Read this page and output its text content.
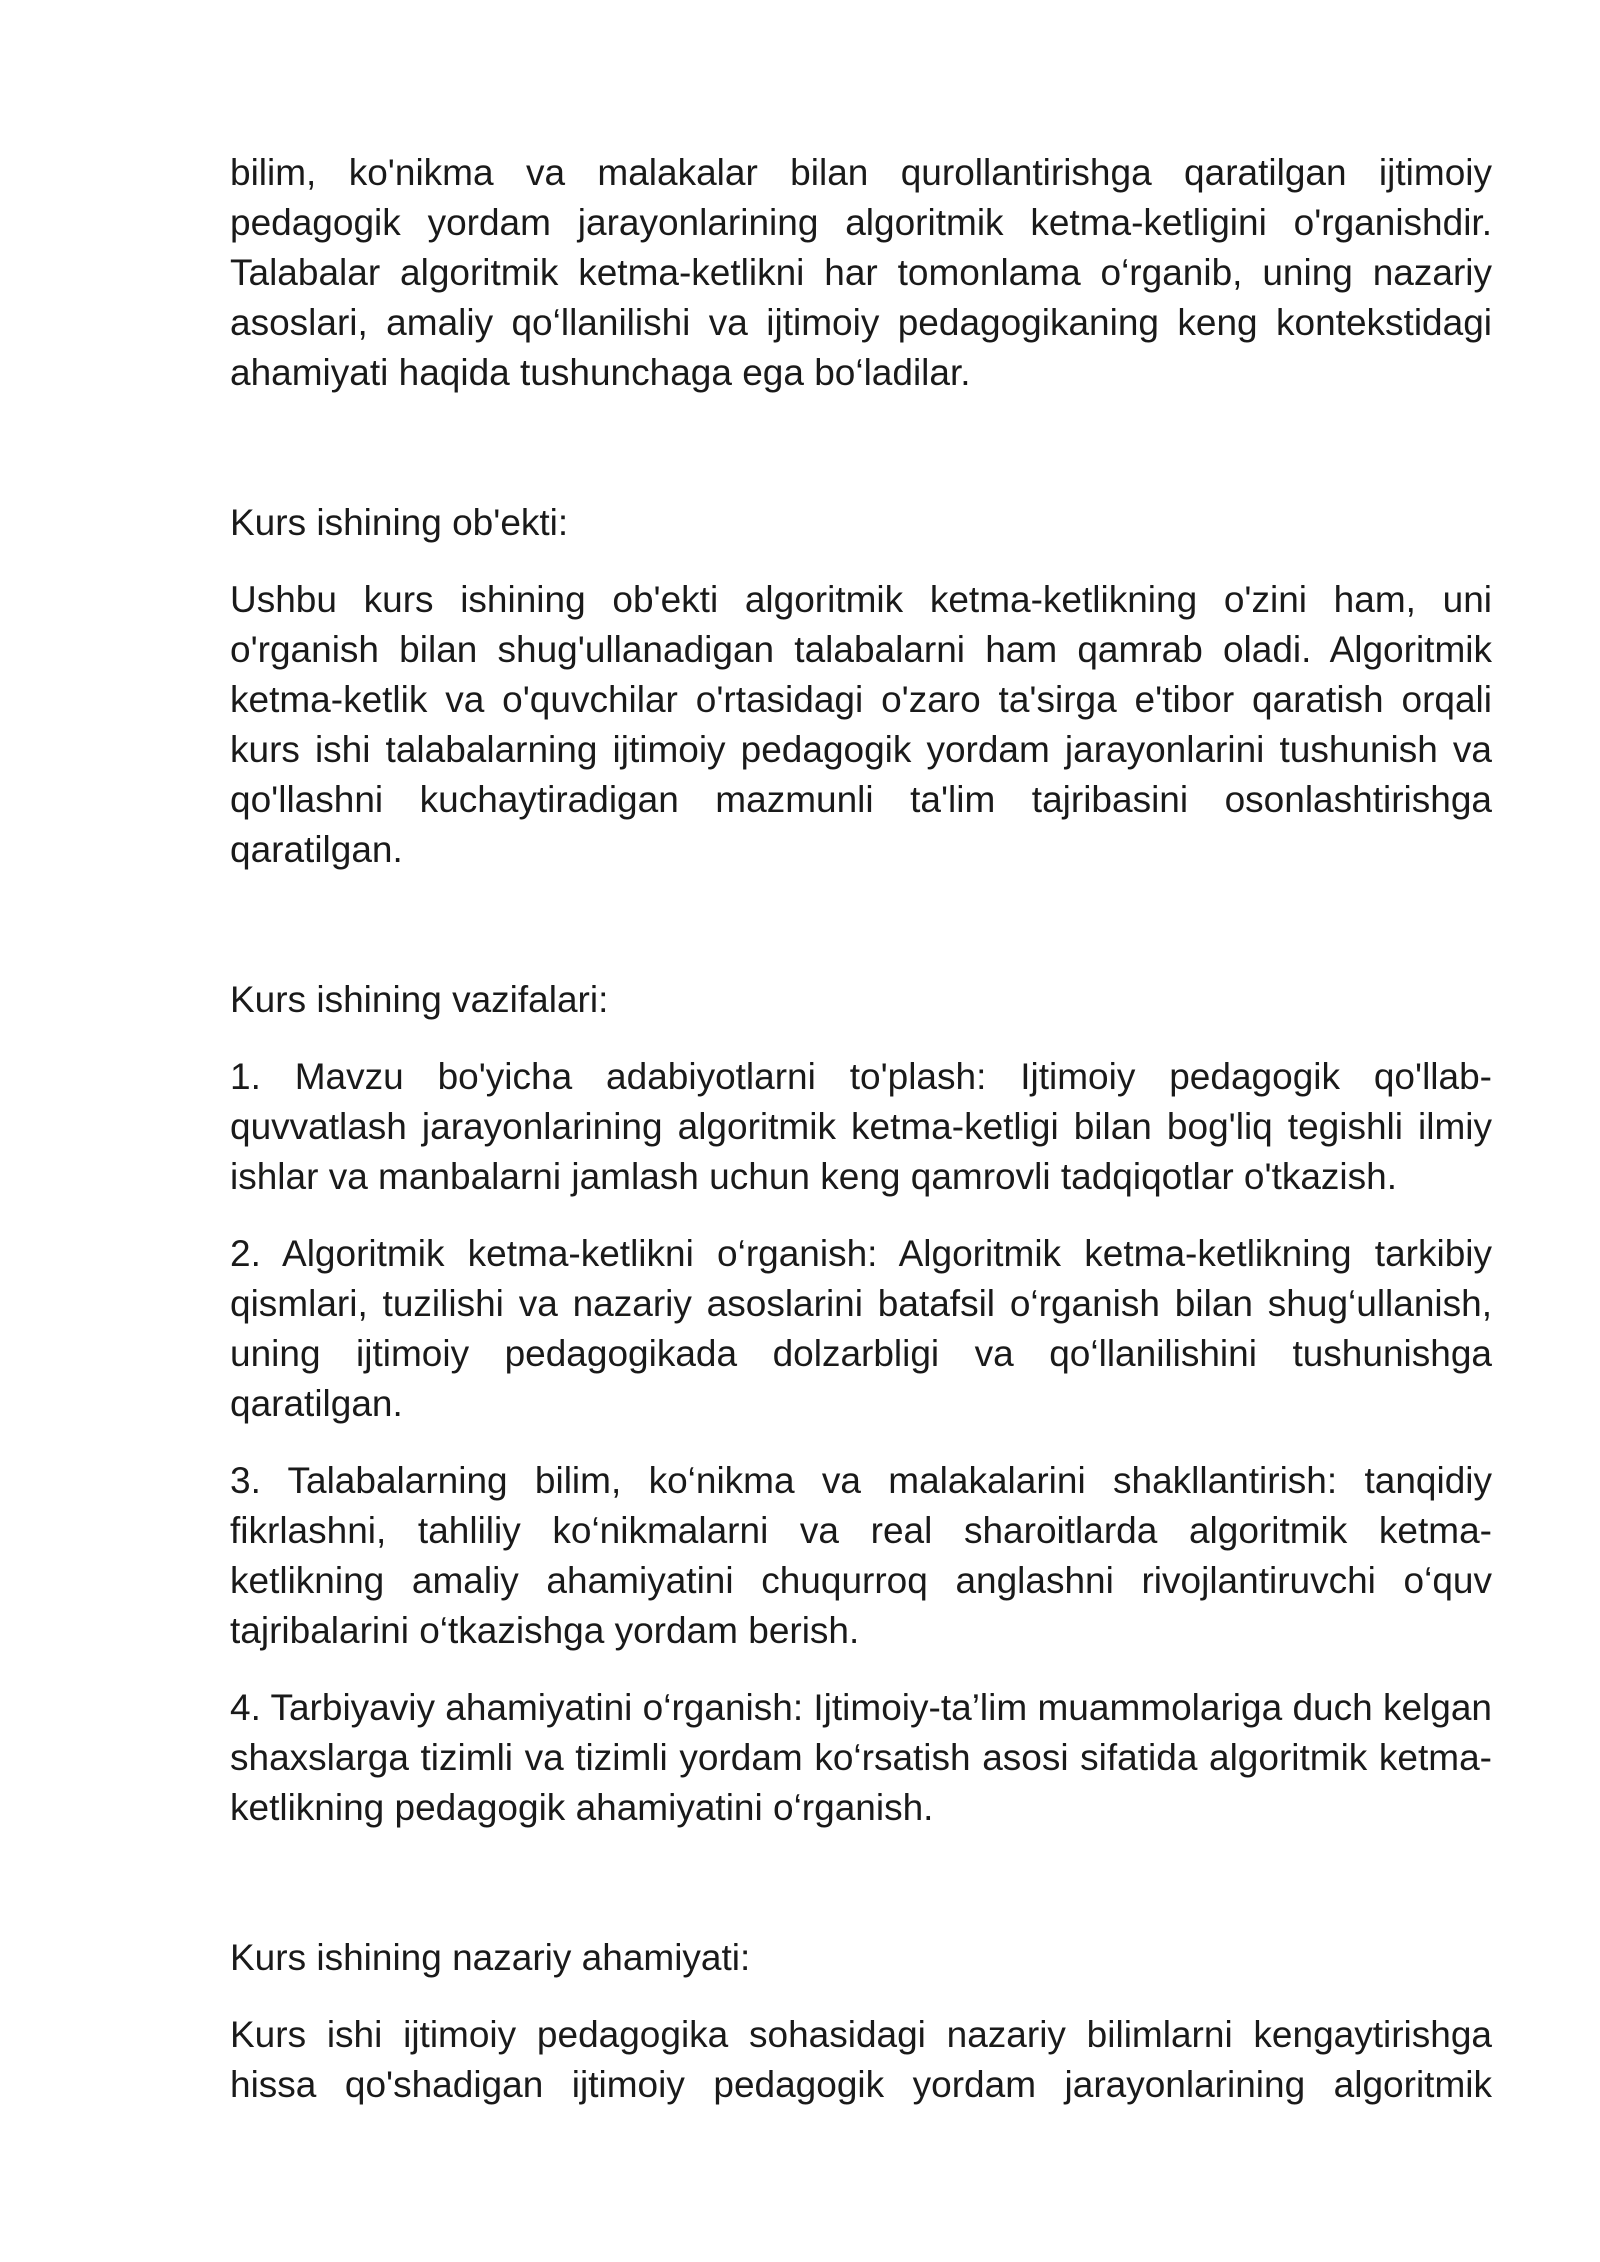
bilim, ko'nikma va malakalar bilan qurollantirishga qaratilgan ijtimoiy pedagogik yordam jarayonlarining algoritmik ketma-ketligini o'rganishdir. Talabalar algoritmik ketma-ketlikni har tomonlama o‘rganib, uning nazariy asoslari, amaliy qo‘llanilishi va ijtimoiy pedagogikaning keng kontekstidagi ahamiyati haqida tushunchaga ega bo‘ladilar.

Kurs ishining ob'ekti:

Ushbu kurs ishining ob'ekti algoritmik ketma-ketlikning o'zini ham, uni o'rganish bilan shug'ullanadigan talabalarni ham qamrab oladi. Algoritmik ketma-ketlik va o'quvchilar o'rtasidagi o'zaro ta'sirga e'tibor qaratish orqali kurs ishi talabalarning ijtimoiy pedagogik yordam jarayonlarini tushunish va qo'llashni kuchaytiradigan mazmunli ta'lim tajribasini osonlashtirishga qaratilgan.

Kurs ishining vazifalari:

1. Mavzu bo'yicha adabiyotlarni to'plash: Ijtimoiy pedagogik qo'llab-quvvatlash jarayonlarining algoritmik ketma-ketligi bilan bog'liq tegishli ilmiy ishlar va manbalarni jamlash uchun keng qamrovli tadqiqotlar o'tkazish.

2. Algoritmik ketma-ketlikni o‘rganish: Algoritmik ketma-ketlikning tarkibiy qismlari, tuzilishi va nazariy asoslarini batafsil o‘rganish bilan shug‘ullanish, uning ijtimoiy pedagogikada dolzarbligi va qo‘llanilishini tushunishga qaratilgan.

3. Talabalarning bilim, ko‘nikma va malakalarini shakllantirish: tanqidiy fikrlashni, tahliliy ko‘nikmalarni va real sharoitlarda algoritmik ketma-ketlikning amaliy ahamiyatini chuqurroq anglashni rivojlantiruvchi o‘quv tajribalarini o‘tkazishga yordam berish.

4. Tarbiyaviy ahamiyatini o‘rganish: Ijtimoiy-ta’lim muammolariga duch kelgan shaxslarga tizimli va tizimli yordam ko‘rsatish asosi sifatida algoritmik ketma-ketlikning pedagogik ahamiyatini o‘rganish.

Kurs ishining nazariy ahamiyati:

Kurs ishi ijtimoiy pedagogika sohasidagi nazariy bilimlarni kengaytirishga hissa qo'shadigan ijtimoiy pedagogik yordam jarayonlarining algoritmik
